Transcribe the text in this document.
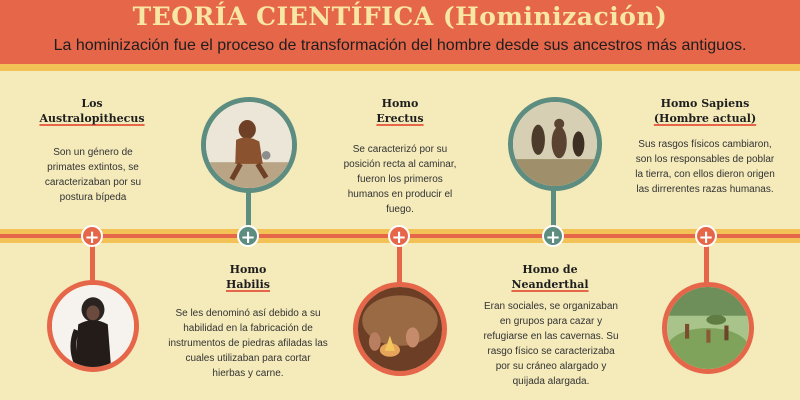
TEORÍA CIENTÍFICA (Hominización)
La hominización fue el proceso de transformación del hombre desde sus ancestros más antiguos.
+	+	+	+	+
Los
Australopithecus
Son un género de primates extintos, se caracterizaban por su postura bípeda
Homo
Habilis
Se les denominó así debido a su habilidad en la fabricación de instrumentos de piedras afiladas las cuales utilizaban para cortar hierbas y carne.
Homo
Erectus
Se caracterizó por su posición recta al caminar, fueron los primeros humanos en producir el fuego.
Homo de
Neanderthal
Eran sociales, se organizaban en grupos para cazar y refugiarse en las cavernas. Su rasgo físico se caracterizaba por su cráneo alargado y quijada alargada.
Homo Sapiens
(Hombre actual)
Sus rasgos físicos cambiaron, son los responsables de poblar la tierra, con ellos dieron origen las dirrerentes razas humanas.
